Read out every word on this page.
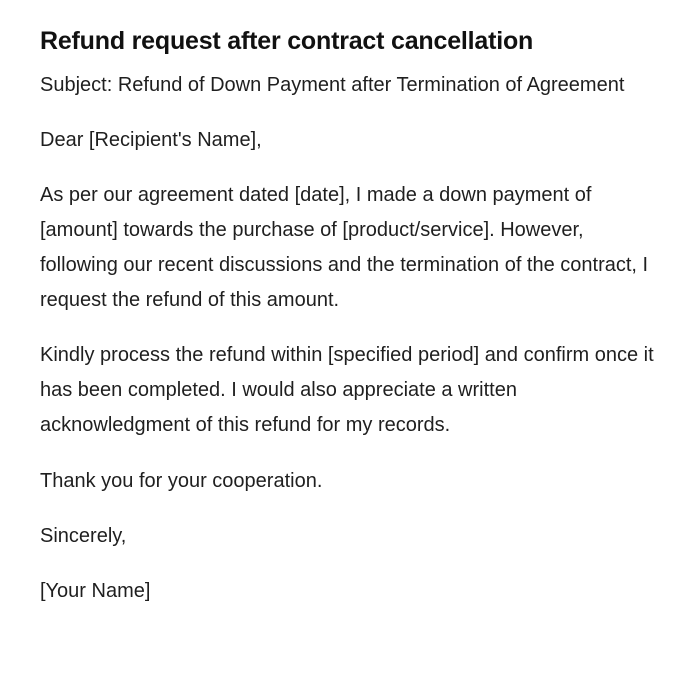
Refund request after contract cancellation

Subject: Refund of Down Payment after Termination of Agreement

Dear [Recipient's Name],

As per our agreement dated [date], I made a down payment of [amount] towards the purchase of [product/service]. However, following our recent discussions and the termination of the contract, I request the refund of this amount.

Kindly process the refund within [specified period] and confirm once it has been completed. I would also appreciate a written acknowledgment of this refund for my records.

Thank you for your cooperation.

Sincerely,

[Your Name]
